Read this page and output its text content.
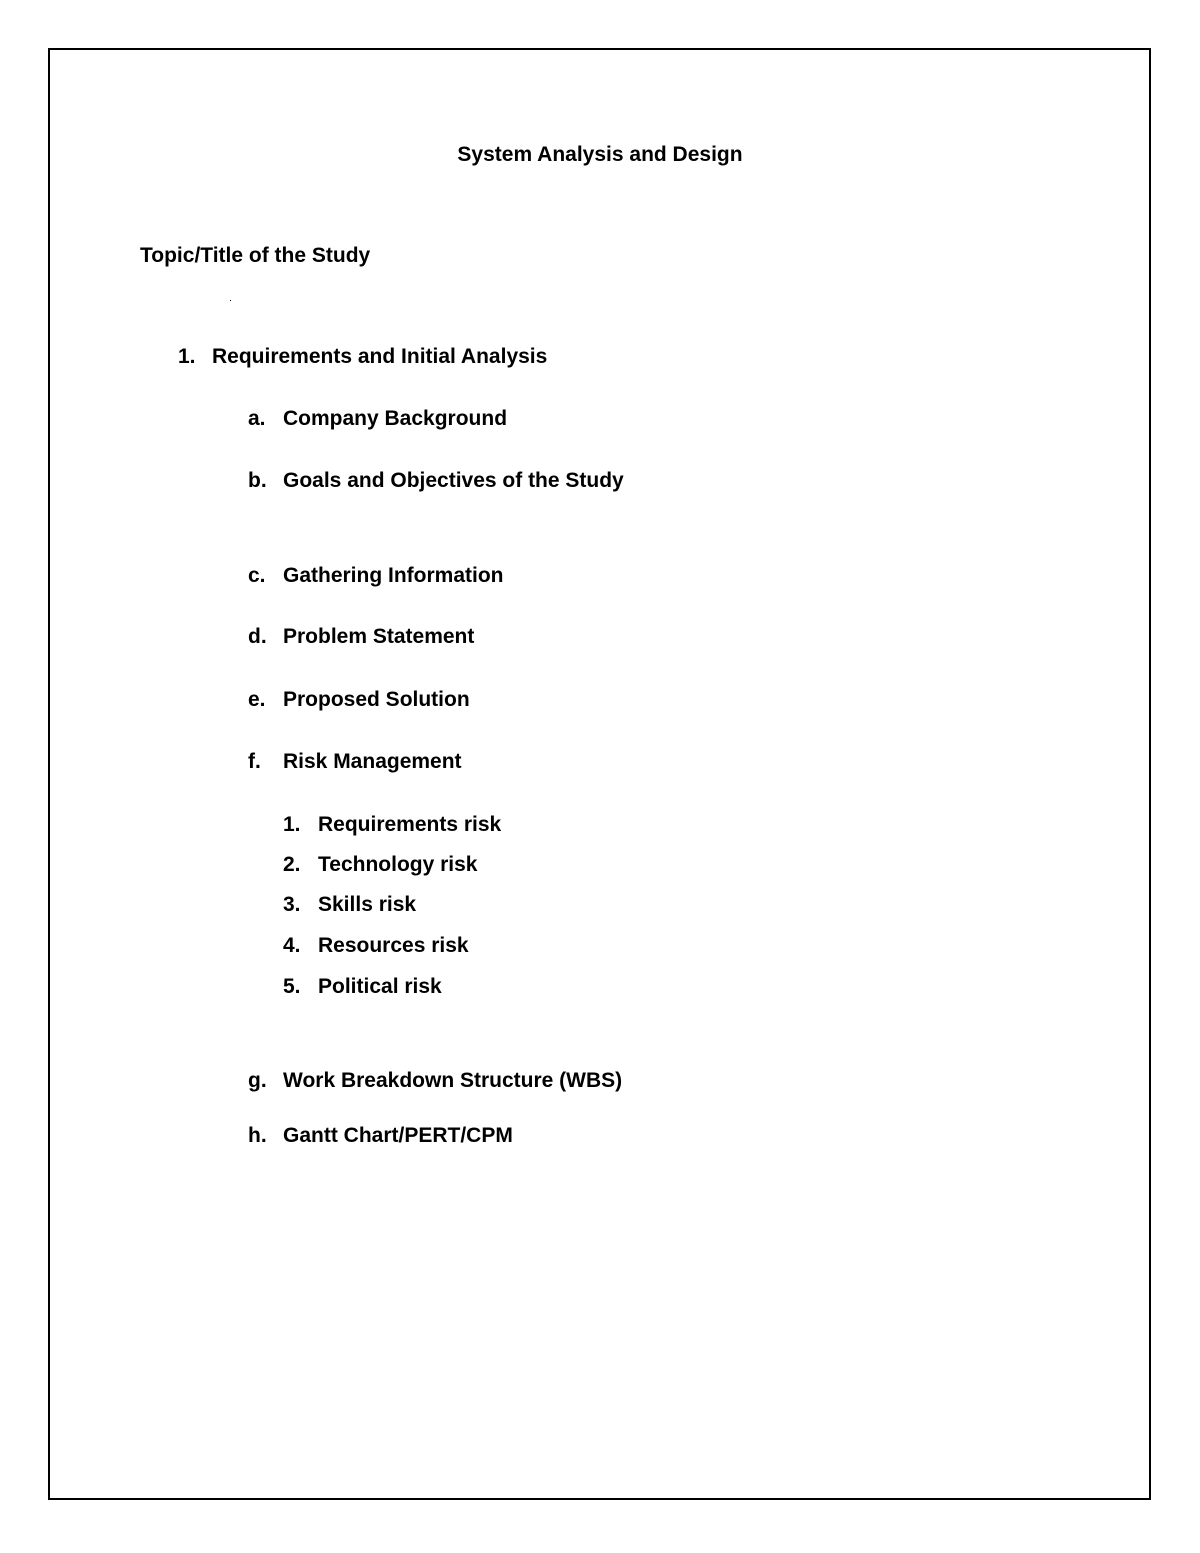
System Analysis and Design
Topic/Title of the Study
1. Requirements and Initial Analysis
a. Company Background
b. Goals and Objectives of the Study
c. Gathering Information
d. Problem Statement
e. Proposed Solution
f. Risk Management
1. Requirements risk
2. Technology risk
3. Skills risk
4. Resources risk
5. Political risk
g. Work Breakdown Structure (WBS)
h. Gantt Chart/PERT/CPM
